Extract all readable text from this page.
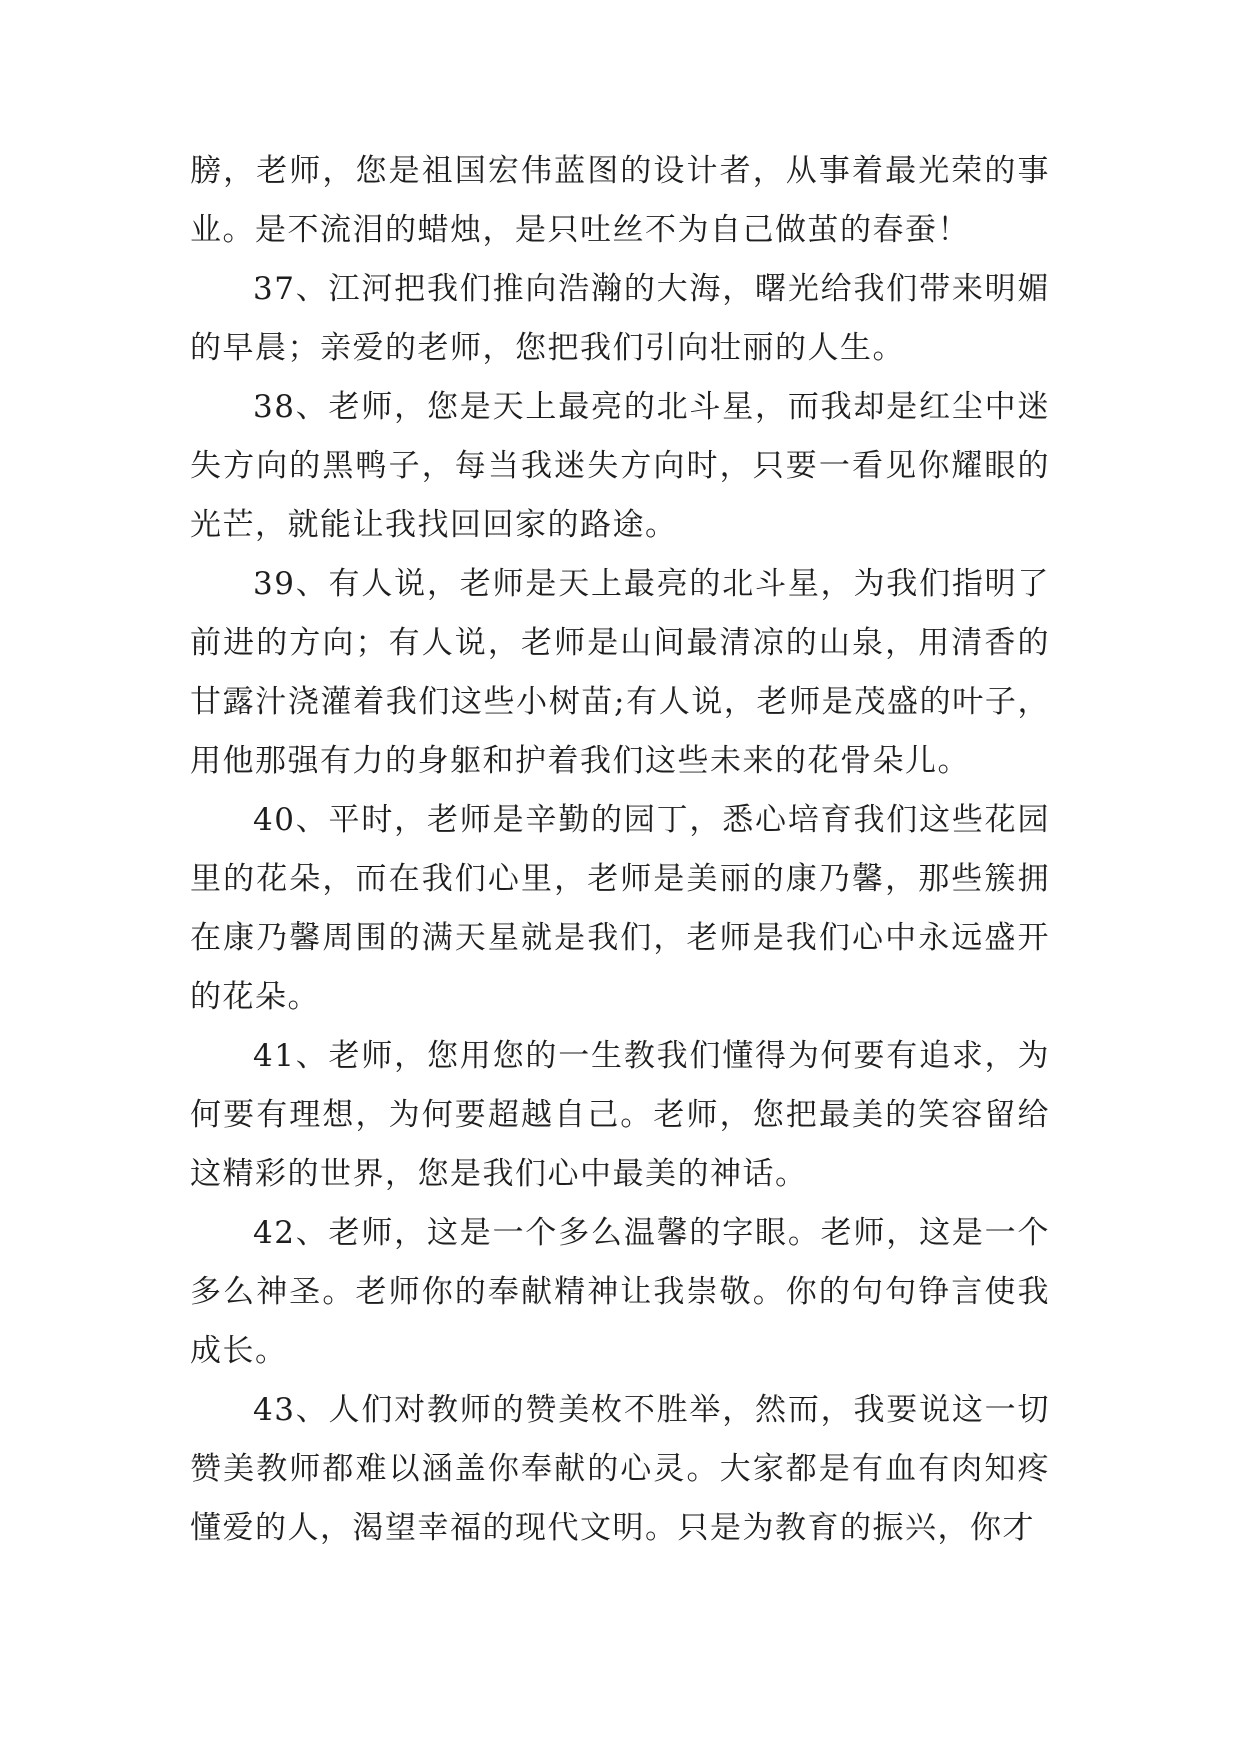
膀，老师，您是祖国宏伟蓝图的设计者，从事着最光荣的事业。是不流泪的蜡烛，是只吐丝不为自己做茧的春蚕！

37、江河把我们推向浩瀚的大海，曙光给我们带来明媚的早晨；亲爱的老师，您把我们引向壮丽的人生。

38、老师，您是天上最亮的北斗星，而我却是红尘中迷失方向的黑鸭子，每当我迷失方向时，只要一看见你耀眼的光芒，就能让我找回回家的路途。

39、有人说，老师是天上最亮的北斗星，为我们指明了前进的方向；有人说，老师是山间最清凉的山泉，用清香的甘露汁浇灌着我们这些小树苗;有人说，老师是茂盛的叶子，用他那强有力的身躯和护着我们这些未来的花骨朵儿。

40、平时，老师是辛勤的园丁，悉心培育我们这些花园里的花朵，而在我们心里，老师是美丽的康乃馨，那些簇拥在康乃馨周围的满天星就是我们，老师是我们心中永远盛开的花朵。

41、老师，您用您的一生教我们懂得为何要有追求，为何要有理想，为何要超越自己。老师，您把最美的笑容留给这精彩的世界，您是我们心中最美的神话。

42、老师，这是一个多么温馨的字眼。老师，这是一个多么神圣。老师你的奉献精神让我崇敬。你的句句铮言使我成长。

43、人们对教师的赞美枚不胜举，然而，我要说这一切赞美教师都难以涵盖你奉献的心灵。大家都是有血有肉知疼懂爱的人，渴望幸福的现代文明。只是为教育的振兴，你才
